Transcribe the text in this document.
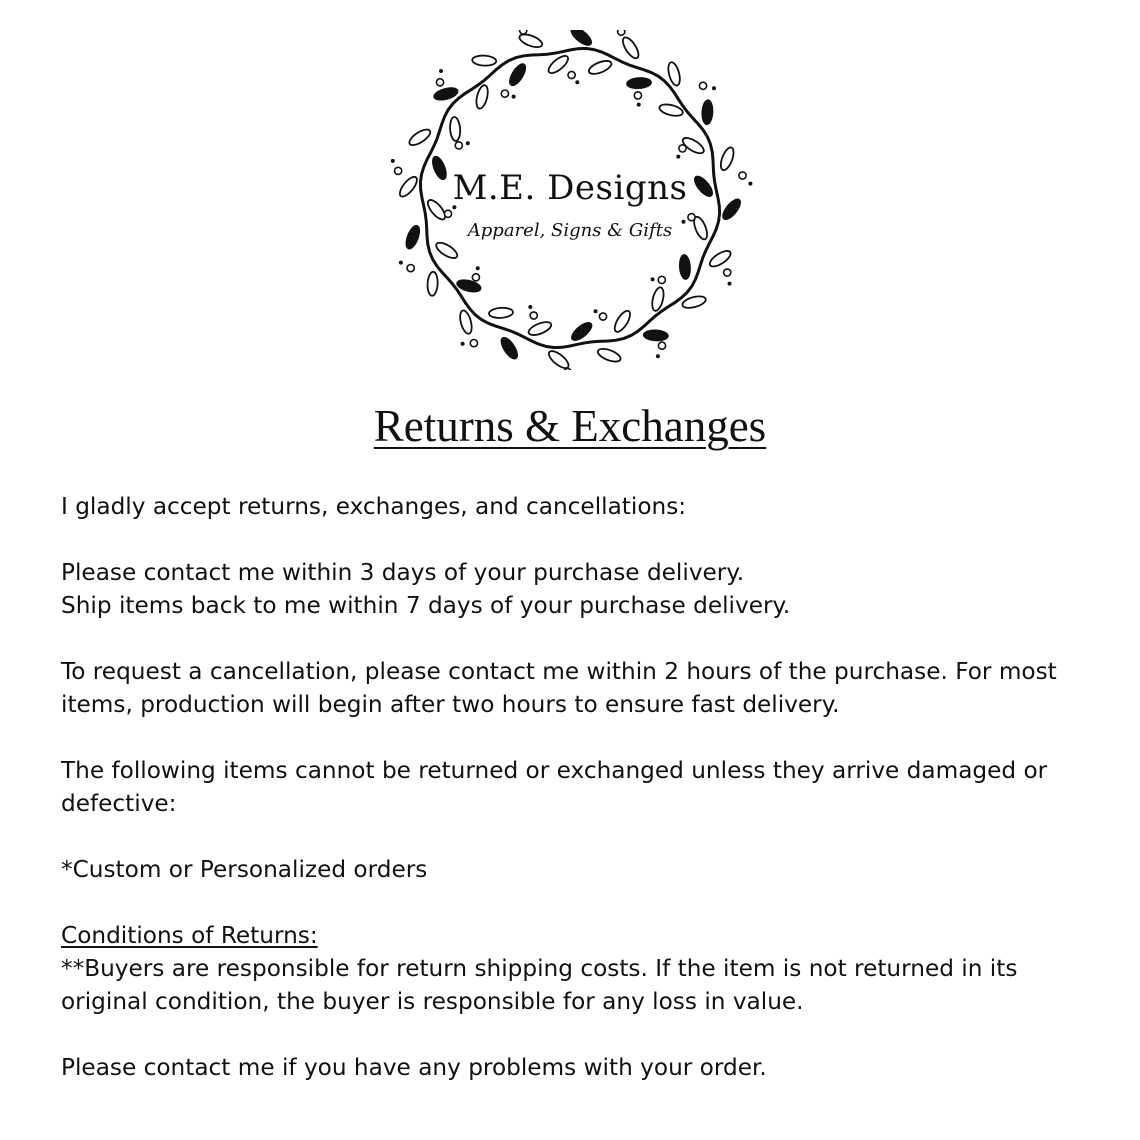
M.E. Designs
Apparel, Signs & Gifts
Returns & Exchanges

I gladly accept returns, exchanges, and cancellations:

Please contact me within 3 days of your purchase delivery.
Ship items back to me within 7 days of your purchase delivery.

To request a cancellation, please contact me within 2 hours of the purchase. For most
items, production will begin after two hours to ensure fast delivery.

The following items cannot be returned or exchanged unless they arrive damaged or
defective:

*Custom or Personalized orders

Conditions of Returns:
**Buyers are responsible for return shipping costs. If the item is not returned in its
original condition, the buyer is responsible for any loss in value.

Please contact me if you have any problems with your order.
